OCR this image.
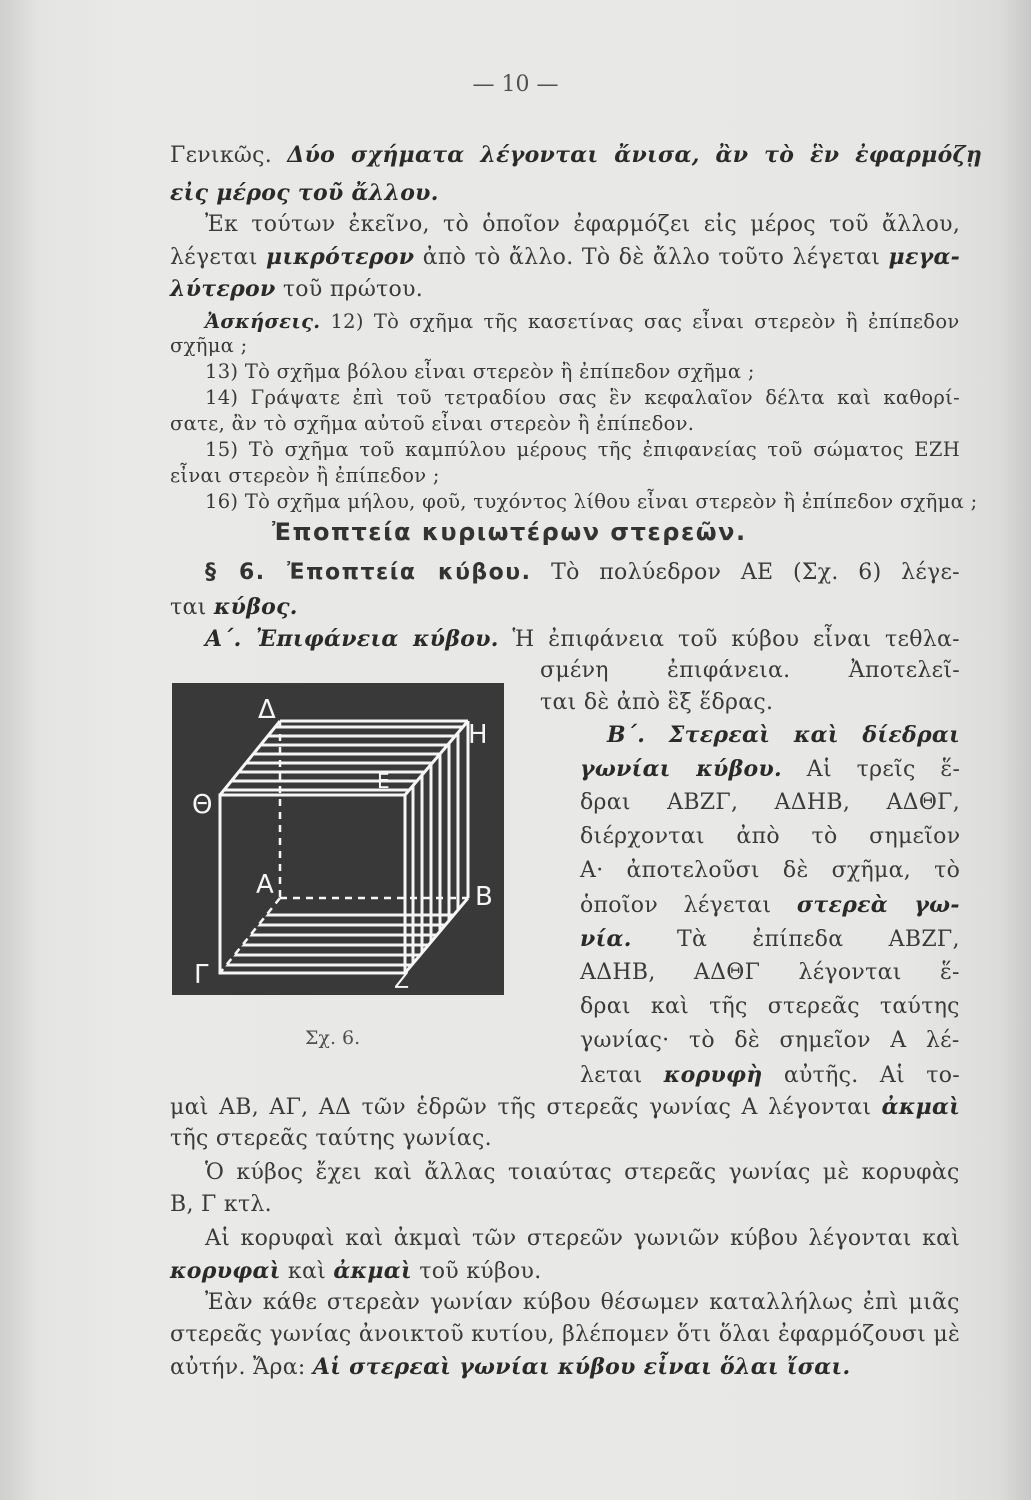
— 10 —
Γενικῶς. Δύο σχήματα λέγονται ἄνισα, ἂν τὸ ἓν ἐφαρμόζῃ
εἰς μέρος τοῦ ἄλλου.
Ἐκ τούτων ἐκεῖνο, τὸ ὁποῖον ἐφαρμόζει εἰς μέρος τοῦ ἄλλου,
λέγεται μικρότερον ἀπὸ τὸ ἄλλο. Τὸ δὲ ἄλλο τοῦτο λέγεται μεγα-
λύτερον τοῦ πρώτου.
Ἀσκήσεις. 12) Τὸ σχῆμα τῆς κασετίνας σας εἶναι στερεὸν ἢ ἐπίπεδον
σχῆμα ;
13) Τὸ σχῆμα βόλου εἶναι στερεὸν ἢ ἐπίπεδον σχῆμα ;
14) Γράψατε ἐπὶ τοῦ τετραδίου σας ἓν κεφαλαῖον δέλτα καὶ καθορί-
σατε, ἂν τὸ σχῆμα αὐτοῦ εἶναι στερεὸν ἢ ἐπίπεδον.
15) Τὸ σχῆμα τοῦ καμπύλου μέρους τῆς ἐπιφανείας τοῦ σώματος ΕΖΗ
εἶναι στερεὸν ἢ ἐπίπεδον ;
16) Τὸ σχῆμα μήλου, φοῦ, τυχόντος λίθου εἶναι στερεὸν ἢ ἐπίπεδον σχῆμα ;
Ἐποπτεία κυριωτέρων στερεῶν.
§ 6. Ἐποπτεία κύβου. Τὸ πολύεδρον ΑΕ (Σχ. 6) λέγε-
ται κύβος.
Α΄. Ἐπιφάνεια κύβου. Ἡ ἐπιφάνεια τοῦ κύβου εἶναι τεθλα-
σμένη ἐπιφάνεια. Ἀποτελεῖ-
ται δὲ ἀπὸ ἓξ ἕδρας.
Β΄. Στερεαὶ καὶ δίεδραι
γωνίαι κύβου. Αἱ τρεῖς ἕ-
δραι ΑΒΖΓ, ΑΔΗΒ, ΑΔΘΓ,
διέρχονται ἀπὸ τὸ σημεῖον
Α· ἀποτελοῦσι δὲ σχῆμα, τὸ
ὁποῖον λέγεται στερεὰ γω-
νία. Τὰ ἐπίπεδα ΑΒΖΓ,
ΑΔΗΒ, ΑΔΘΓ λέγονται ἕ-
δραι καὶ τῆς στερεᾶς ταύτης
γωνίας· τὸ δὲ σημεῖον Α λέ-
λεται κορυφὴ αὐτῆς. Αἱ το-
μαὶ ΑΒ, ΑΓ, ΑΔ τῶν ἑδρῶν τῆς στερεᾶς γωνίας Α λέγονται ἀκμαὶ
τῆς στερεᾶς ταύτης γωνίας.
Ὁ κύβος ἔχει καὶ ἄλλας τοιαύτας στερεᾶς γωνίας μὲ κορυφὰς
Β, Γ κτλ.
Αἱ κορυφαὶ καὶ ἀκμαὶ τῶν στερεῶν γωνιῶν κύβου λέγονται καὶ
κορυφαὶ καὶ ἀκμαὶ τοῦ κύβου.
Ἐὰν κάθε στερεὰν γωνίαν κύβου θέσωμεν καταλλήλως ἐπὶ μιᾶς
στερεᾶς γωνίας ἀνοικτοῦ κυτίου, βλέπομεν ὅτι ὅλαι ἐφαρμόζουσι μὲ
αὐτήν. Ἄρα: Αἱ στερεαὶ γωνίαι κύβου εἶναι ὅλαι ἴσαι.
Δ
Η
Ε
Θ
Α	Β
Γ	Ζ
Σχ. 6.
